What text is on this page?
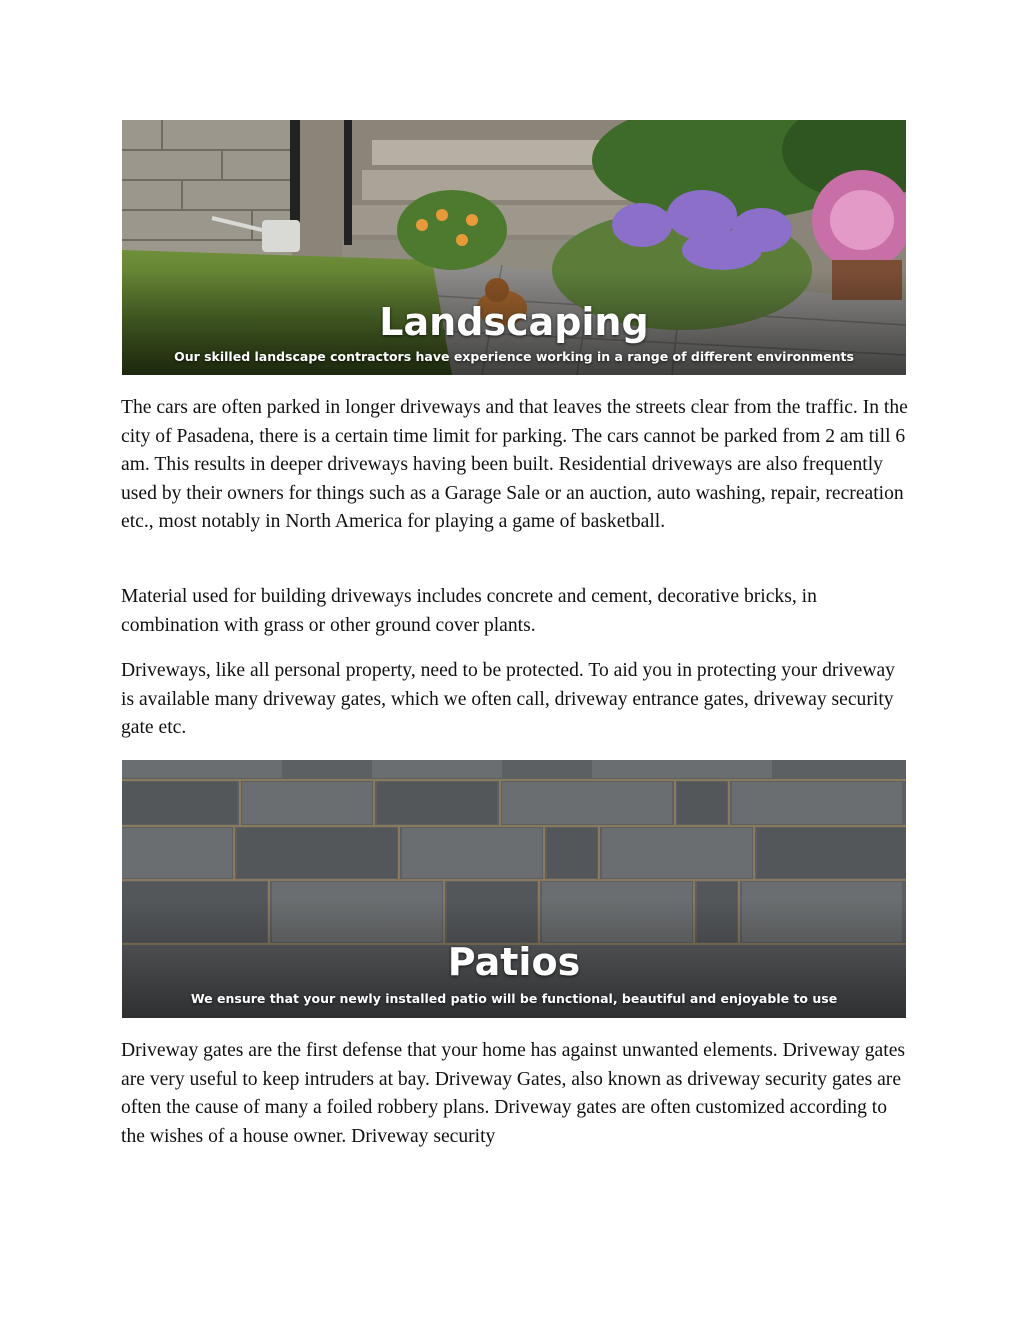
Landscaping
Our skilled landscape contractors have experience working in a range of different environments

The cars are often parked in longer driveways and that leaves the streets clear from the traffic. In the city of Pasadena, there is a certain time limit for parking. The cars cannot be parked from 2 am till 6 am. This results in deeper driveways having been built. Residential driveways are also frequently used by their owners for things such as a Garage Sale or an auction, auto washing, repair, recreation etc., most notably in North America for playing a game of basketball.

Material used for building driveways includes concrete and cement, decorative bricks, in combination with grass or other ground cover plants.

Driveways, like all personal property, need to be protected. To aid you in protecting your driveway is available many driveway gates, which we often call, driveway entrance gates, driveway security gate etc.

Patios
We ensure that your newly installed patio will be functional, beautiful and enjoyable to use

Driveway gates are the first defense that your home has against unwanted elements. Driveway gates are very useful to keep intruders at bay. Driveway Gates, also known as driveway security gates are often the cause of many a foiled robbery plans. Driveway gates are often customized according to the wishes of a house owner. Driveway security
